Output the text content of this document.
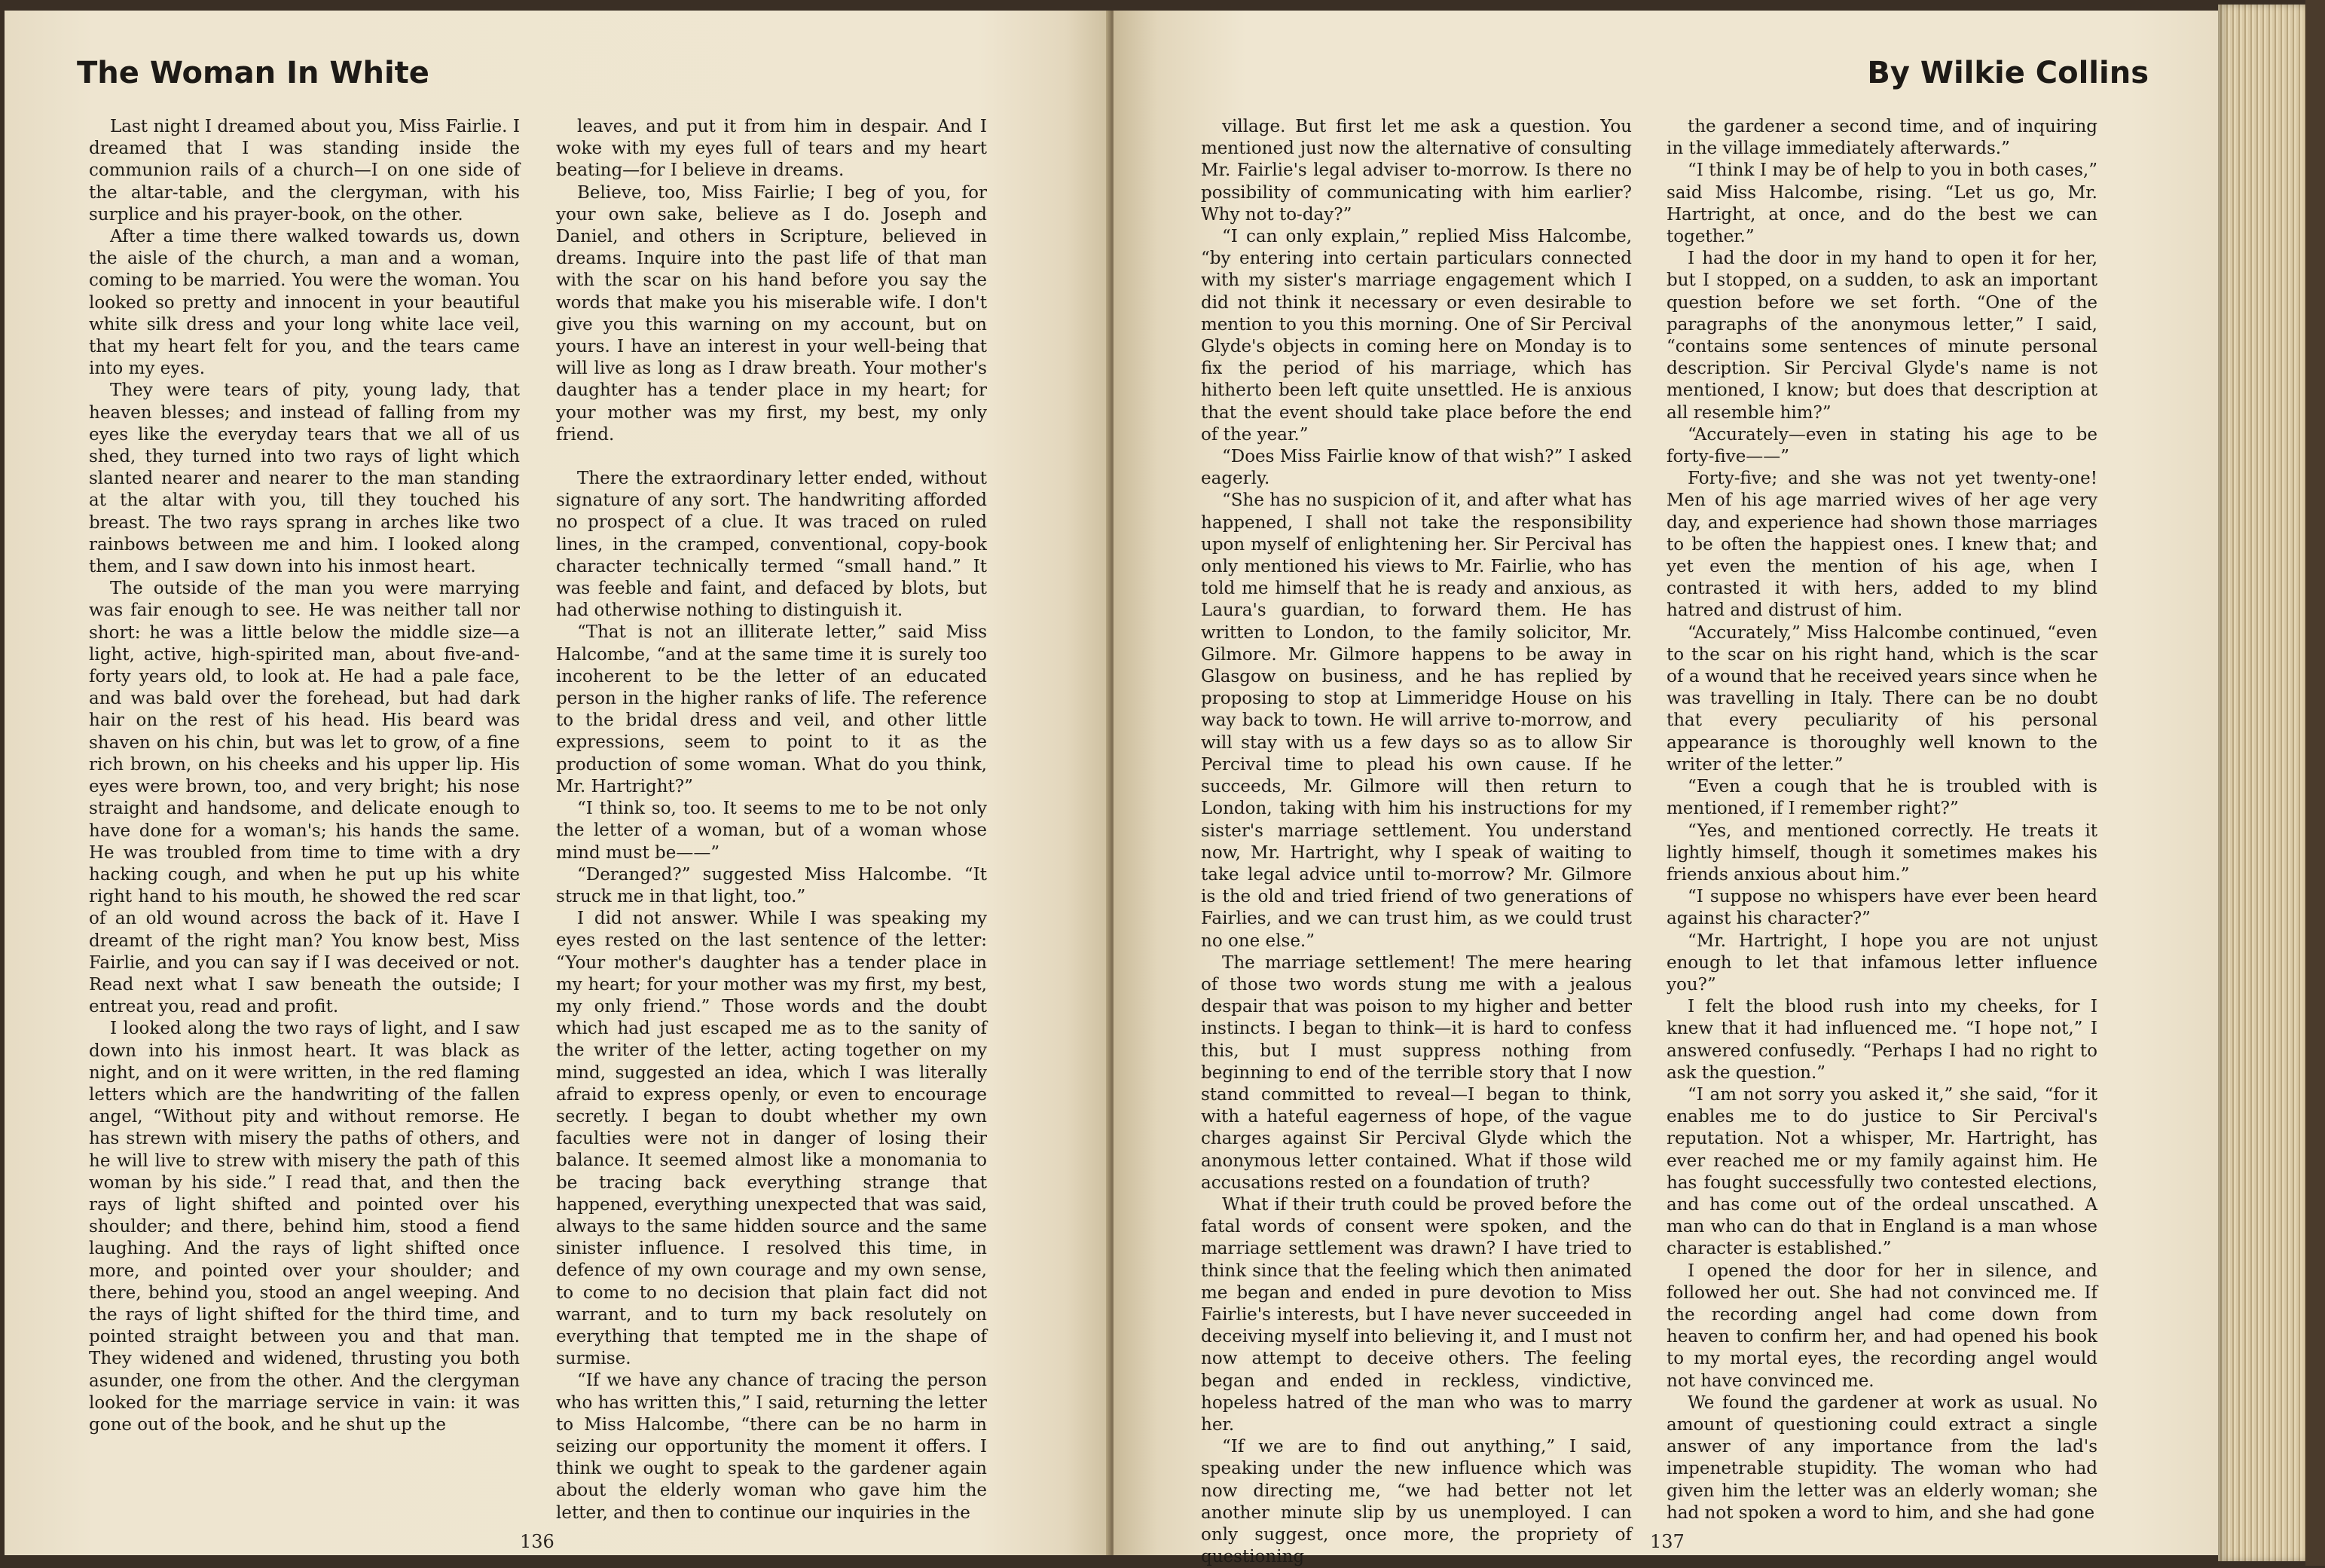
The Woman In White

Last night I dreamed about you, Miss Fairlie. I dreamed that I was standing inside the communion rails of a church—I on one side of the altar-table, and the clergyman, with his surplice and his prayer-book, on the other.

After a time there walked towards us, down the aisle of the church, a man and a woman, coming to be married. You were the woman. You looked so pretty and innocent in your beautiful white silk dress and your long white lace veil, that my heart felt for you, and the tears came into my eyes.

They were tears of pity, young lady, that heaven blesses; and instead of falling from my eyes like the everyday tears that we all of us shed, they turned into two rays of light which slanted nearer and nearer to the man standing at the altar with you, till they touched his breast. The two rays sprang in arches like two rainbows between me and him. I looked along them, and I saw down into his inmost heart.

The outside of the man you were marrying was fair enough to see. He was neither tall nor short: he was a little below the middle size—a light, active, high-spirited man, about five-and-forty years old, to look at. He had a pale face, and was bald over the forehead, but had dark hair on the rest of his head. His beard was shaven on his chin, but was let to grow, of a fine rich brown, on his cheeks and his upper lip. His eyes were brown, too, and very bright; his nose straight and handsome, and delicate enough to have done for a woman's; his hands the same. He was troubled from time to time with a dry hacking cough, and when he put up his white right hand to his mouth, he showed the red scar of an old wound across the back of it. Have I dreamt of the right man? You know best, Miss Fairlie, and you can say if I was deceived or not. Read next what I saw beneath the outside; I entreat you, read and profit.

I looked along the two rays of light, and I saw down into his inmost heart. It was black as night, and on it were written, in the red flaming letters which are the handwriting of the fallen angel, “Without pity and without remorse. He has strewn with misery the paths of others, and he will live to strew with misery the path of this woman by his side.” I read that, and then the rays of light shifted and pointed over his shoulder; and there, behind him, stood a fiend laughing. And the rays of light shifted once more, and pointed over your shoulder; and there, behind you, stood an angel weeping. And the rays of light shifted for the third time, and pointed straight between you and that man. They widened and widened, thrusting you both asunder, one from the other. And the clergyman looked for the marriage service in vain: it was gone out of the book, and he shut up the

leaves, and put it from him in despair. And I woke with my eyes full of tears and my heart beating—for I believe in dreams.

Believe, too, Miss Fairlie; I beg of you, for your own sake, believe as I do. Joseph and Daniel, and others in Scripture, believed in dreams. Inquire into the past life of that man with the scar on his hand before you say the words that make you his miserable wife. I don't give you this warning on my account, but on yours. I have an interest in your well-being that will live as long as I draw breath. Your mother's daughter has a tender place in my heart; for your mother was my first, my best, my only friend.

There the extraordinary letter ended, without signature of any sort. The handwriting afforded no prospect of a clue. It was traced on ruled lines, in the cramped, conventional, copy-book character technically termed “small hand.” It was feeble and faint, and defaced by blots, but had otherwise nothing to distinguish it.

“That is not an illiterate letter,” said Miss Halcombe, “and at the same time it is surely too incoherent to be the letter of an educated person in the higher ranks of life. The reference to the bridal dress and veil, and other little expressions, seem to point to it as the production of some woman. What do you think, Mr. Hartright?”

“I think so, too. It seems to me to be not only the letter of a woman, but of a woman whose mind must be——”

“Deranged?” suggested Miss Halcombe. “It struck me in that light, too.”

I did not answer. While I was speaking my eyes rested on the last sentence of the letter: “Your mother's daughter has a tender place in my heart; for your mother was my first, my best, my only friend.” Those words and the doubt which had just escaped me as to the sanity of the writer of the letter, acting together on my mind, suggested an idea, which I was literally afraid to express openly, or even to encourage secretly. I began to doubt whether my own faculties were not in danger of losing their balance. It seemed almost like a monomania to be tracing back everything strange that happened, everything unexpected that was said, always to the same hidden source and the same sinister influence. I resolved this time, in defence of my own courage and my own sense, to come to no decision that plain fact did not warrant, and to turn my back resolutely on everything that tempted me in the shape of surmise.

“If we have any chance of tracing the person who has written this,” I said, returning the letter to Miss Halcombe, “there can be no harm in seizing our opportunity the moment it offers. I think we ought to speak to the gardener again about the elderly woman who gave him the letter, and then to continue our inquiries in the

136
By Wilkie Collins

village. But first let me ask a question. You mentioned just now the alternative of consulting Mr. Fairlie's legal adviser to-morrow. Is there no possibility of communicating with him earlier? Why not to-day?”

“I can only explain,” replied Miss Halcombe, “by entering into certain particulars connected with my sister's marriage engagement which I did not think it necessary or even desirable to mention to you this morning. One of Sir Percival Glyde's objects in coming here on Monday is to fix the period of his marriage, which has hitherto been left quite unsettled. He is anxious that the event should take place before the end of the year.”

“Does Miss Fairlie know of that wish?” I asked eagerly.

“She has no suspicion of it, and after what has happened, I shall not take the responsibility upon myself of enlightening her. Sir Percival has only mentioned his views to Mr. Fairlie, who has told me himself that he is ready and anxious, as Laura's guardian, to forward them. He has written to London, to the family solicitor, Mr. Gilmore. Mr. Gilmore happens to be away in Glasgow on business, and he has replied by proposing to stop at Limmeridge House on his way back to town. He will arrive to-morrow, and will stay with us a few days so as to allow Sir Percival time to plead his own cause. If he succeeds, Mr. Gilmore will then return to London, taking with him his instructions for my sister's marriage settlement. You understand now, Mr. Hartright, why I speak of waiting to take legal advice until to-morrow? Mr. Gilmore is the old and tried friend of two generations of Fairlies, and we can trust him, as we could trust no one else.”

The marriage settlement! The mere hearing of those two words stung me with a jealous despair that was poison to my higher and better instincts. I began to think—it is hard to confess this, but I must suppress nothing from beginning to end of the terrible story that I now stand committed to reveal—I began to think, with a hateful eagerness of hope, of the vague charges against Sir Percival Glyde which the anonymous letter contained. What if those wild accusations rested on a foundation of truth?

What if their truth could be proved before the fatal words of consent were spoken, and the marriage settlement was drawn? I have tried to think since that the feeling which then animated me began and ended in pure devotion to Miss Fairlie's interests, but I have never succeeded in deceiving myself into believing it, and I must not now attempt to deceive others. The feeling began and ended in reckless, vindictive, hopeless hatred of the man who was to marry her.

“If we are to find out anything,” I said, speaking under the new influence which was now directing me, “we had better not let another minute slip by us unemployed. I can only suggest, once more, the propriety of questioning

the gardener a second time, and of inquiring in the village immediately afterwards.”

“I think I may be of help to you in both cases,” said Miss Halcombe, rising. “Let us go, Mr. Hartright, at once, and do the best we can together.”

I had the door in my hand to open it for her, but I stopped, on a sudden, to ask an important question before we set forth. “One of the paragraphs of the anonymous letter,” I said, “contains some sentences of minute personal description. Sir Percival Glyde's name is not mentioned, I know; but does that description at all resemble him?”

“Accurately—even in stating his age to be forty-five——”

Forty-five; and she was not yet twenty-one! Men of his age married wives of her age very day, and experience had shown those marriages to be often the happiest ones. I knew that; and yet even the mention of his age, when I contrasted it with hers, added to my blind hatred and distrust of him.

“Accurately,” Miss Halcombe continued, “even to the scar on his right hand, which is the scar of a wound that he received years since when he was travelling in Italy. There can be no doubt that every peculiarity of his personal appearance is thoroughly well known to the writer of the letter.”

“Even a cough that he is troubled with is mentioned, if I remember right?”

“Yes, and mentioned correctly. He treats it lightly himself, though it sometimes makes his friends anxious about him.”

“I suppose no whispers have ever been heard against his character?”

“Mr. Hartright, I hope you are not unjust enough to let that infamous letter influence you?”

I felt the blood rush into my cheeks, for I knew that it had influenced me. “I hope not,” I answered confusedly. “Perhaps I had no right to ask the question.”

“I am not sorry you asked it,” she said, “for it enables me to do justice to Sir Percival's reputation. Not a whisper, Mr. Hartright, has ever reached me or my family against him. He has fought successfully two contested elections, and has come out of the ordeal unscathed. A man who can do that in England is a man whose character is established.”

I opened the door for her in silence, and followed her out. She had not convinced me. If the recording angel had come down from heaven to confirm her, and had opened his book to my mortal eyes, the recording angel would not have convinced me.

We found the gardener at work as usual. No amount of questioning could extract a single answer of any importance from the lad's impenetrable stupidity. The woman who had given him the letter was an elderly woman; she had not spoken a word to him, and she had gone

137
